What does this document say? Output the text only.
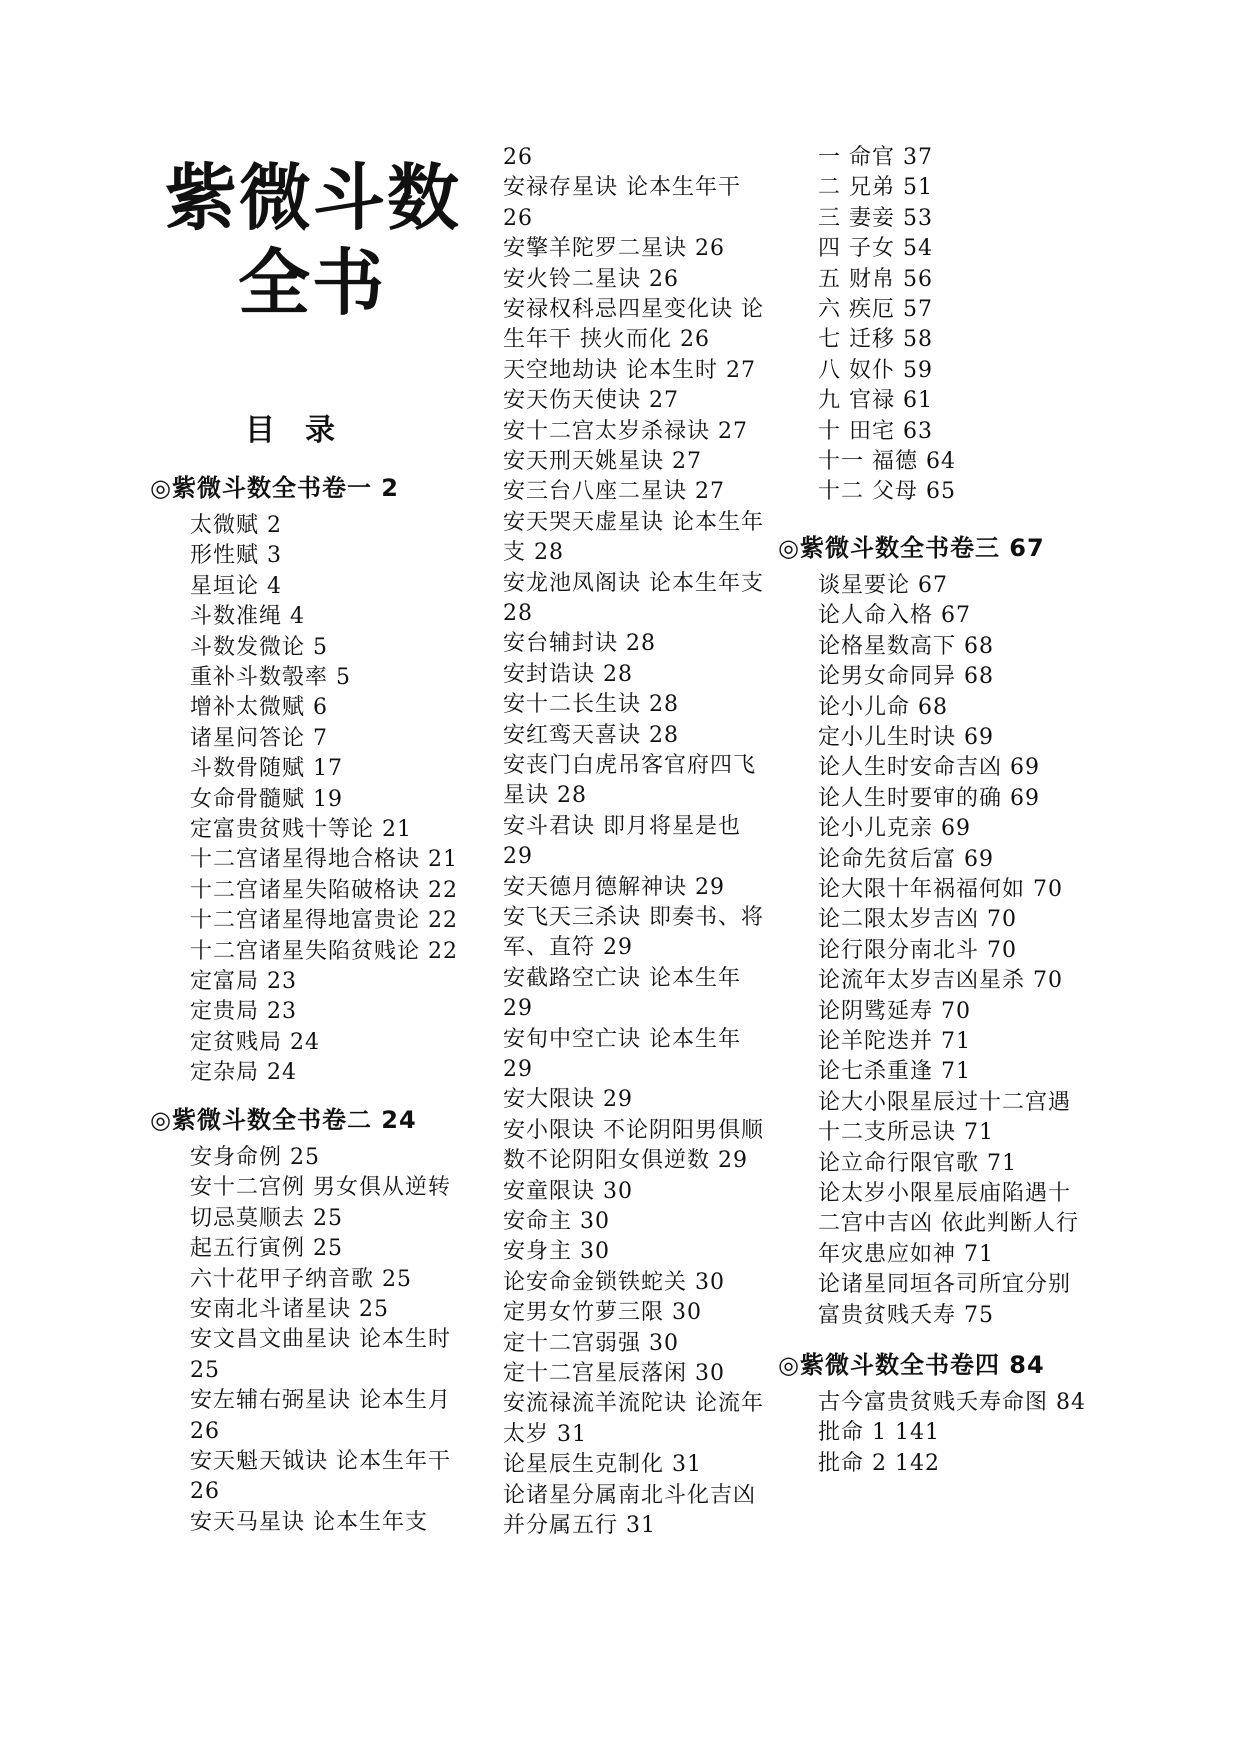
紫微斗数
全书
目　录
◎紫微斗数全书卷一 2
太微赋 2
形性赋 3
星垣论 4
斗数准绳 4
斗数发微论 5
重补斗数彀率 5
增补太微赋 6
诸星问答论 7
斗数骨随赋 17
女命骨髓赋 19
定富贵贫贱十等论 21
十二宫诸星得地合格诀 21
十二宫诸星失陷破格诀 22
十二宫诸星得地富贵论 22
十二宫诸星失陷贫贱论 22
定富局 23
定贵局 23
定贫贱局 24
定杂局 24
◎紫微斗数全书卷二 24
安身命例 25
安十二宫例 男女俱从逆转
切忌莫顺去 25
起五行寅例 25
六十花甲子纳音歌 25
安南北斗诸星诀 25
安文昌文曲星诀 论本生时
25
安左辅右弼星诀 论本生月
26
安天魁天钺诀 论本生年干
26
安天马星诀 论本生年支
26
安禄存星诀 论本生年干
26
安擎羊陀罗二星诀 26
安火铃二星诀 26
安禄权科忌四星变化诀 论
生年干 挟火而化 26
天空地劫诀 论本生时 27
安天伤天使诀 27
安十二宫太岁杀禄诀 27
安天刑天姚星诀 27
安三台八座二星诀 27
安天哭天虚星诀 论本生年
支 28
安龙池凤阁诀 论本生年支
28
安台辅封诀 28
安封诰诀 28
安十二长生诀 28
安红鸾天喜诀 28
安丧门白虎吊客官府四飞
星诀 28
安斗君诀 即月将星是也
29
安天德月德解神诀 29
安飞天三杀诀 即奏书、将
军、直符 29
安截路空亡诀 论本生年
29
安旬中空亡诀 论本生年
29
安大限诀 29
安小限诀 不论阴阳男俱顺
数不论阴阳女俱逆数 29
安童限诀 30
安命主 30
安身主 30
论安命金锁铁蛇关 30
定男女竹萝三限 30
定十二宫弱强 30
定十二宫星辰落闲 30
安流禄流羊流陀诀 论流年
太岁 31
论星辰生克制化 31
论诸星分属南北斗化吉凶
并分属五行 31
一 命官 37
二 兄弟 51
三 妻妾 53
四 子女 54
五 财帛 56
六 疾厄 57
七 迁移 58
八 奴仆 59
九 官禄 61
十 田宅 63
十一 福德 64
十二 父母 65
◎紫微斗数全书卷三 67
谈星要论 67
论人命入格 67
论格星数高下 68
论男女命同异 68
论小儿命 68
定小儿生时诀 69
论人生时安命吉凶 69
论人生时要审的确 69
论小儿克亲 69
论命先贫后富 69
论大限十年祸福何如 70
论二限太岁吉凶 70
论行限分南北斗 70
论流年太岁吉凶星杀 70
论阴骘延寿 70
论羊陀迭并 71
论七杀重逢 71
论大小限星辰过十二宫遇
十二支所忌诀 71
论立命行限官歌 71
论太岁小限星辰庙陷遇十
二宫中吉凶 依此判断人行
年灾患应如神 71
论诸星同垣各司所宜分别
富贵贫贱夭寿 75
◎紫微斗数全书卷四 84
古今富贵贫贱夭寿命图 84
批命 1 141
批命 2 142
